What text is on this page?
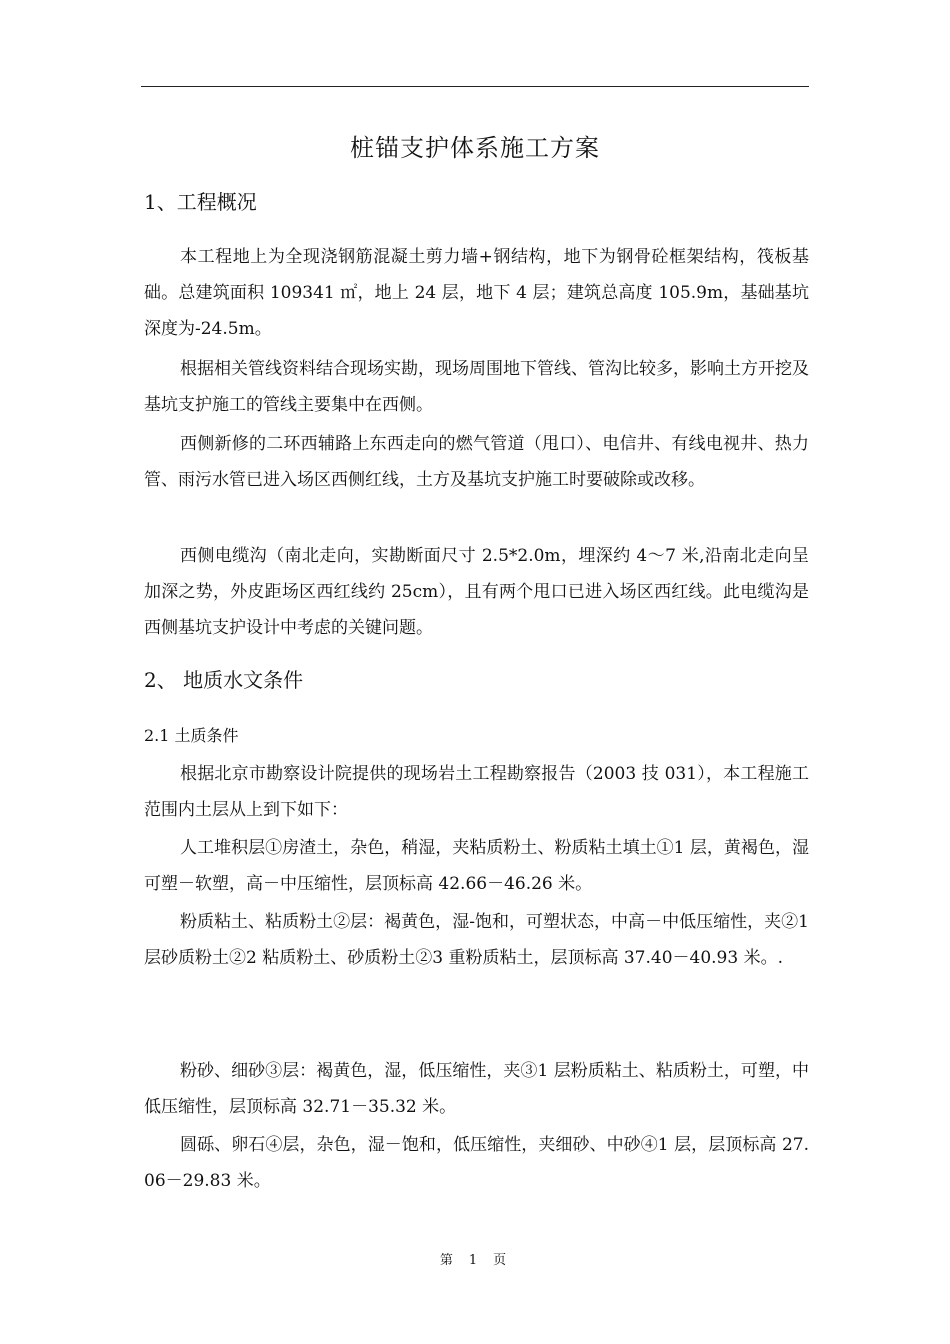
桩锚支护体系施工方案
1、工程概况
本工程地上为全现浇钢筋混凝土剪力墙+钢结构，地下为钢骨砼框架结构，筏板基础。总建筑面积 109341 ㎡，地上 24 层，地下 4 层；建筑总高度 105.9m，基础基坑深度为-24.5m。
根据相关管线资料结合现场实勘，现场周围地下管线、管沟比较多，影响土方开挖及基坑支护施工的管线主要集中在西侧。
西侧新修的二环西辅路上东西走向的燃气管道（甩口）、电信井、有线电视井、热力管、雨污水管已进入场区西侧红线，土方及基坑支护施工时要破除或改移。
西侧电缆沟（南北走向，实勘断面尺寸 2.5*2.0m，埋深约 4～7 米,沿南北走向呈加深之势，外皮距场区西红线约 25cm），且有两个甩口已进入场区西红线。此电缆沟是西侧基坑支护设计中考虑的关键问题。
2、 地质水文条件
2.1 土质条件
根据北京市勘察设计院提供的现场岩土工程勘察报告（2003 技 031），本工程施工范围内土层从上到下如下：
人工堆积层①房渣土，杂色，稍湿，夹粘质粉土、粉质粘土填土①1 层，黄褐色，湿可塑－软塑，高－中压缩性，层顶标高 42.66－46.26 米。
粉质粘土、粘质粉土②层：褐黄色，湿-饱和，可塑状态，中高－中低压缩性，夹②1 层砂质粉土②2 粘质粉土、砂质粉土②3 重粉质粘土，层顶标高 37.40－40.93 米。.
粉砂、细砂③层：褐黄色，湿，低压缩性，夹③1 层粉质粘土、粘质粉土，可塑，中低压缩性，层顶标高 32.71－35.32 米。
圆砾、卵石④层，杂色，湿－饱和，低压缩性，夹细砂、中砂④1 层，层顶标高 27.06－29.83 米。
第 1 页
